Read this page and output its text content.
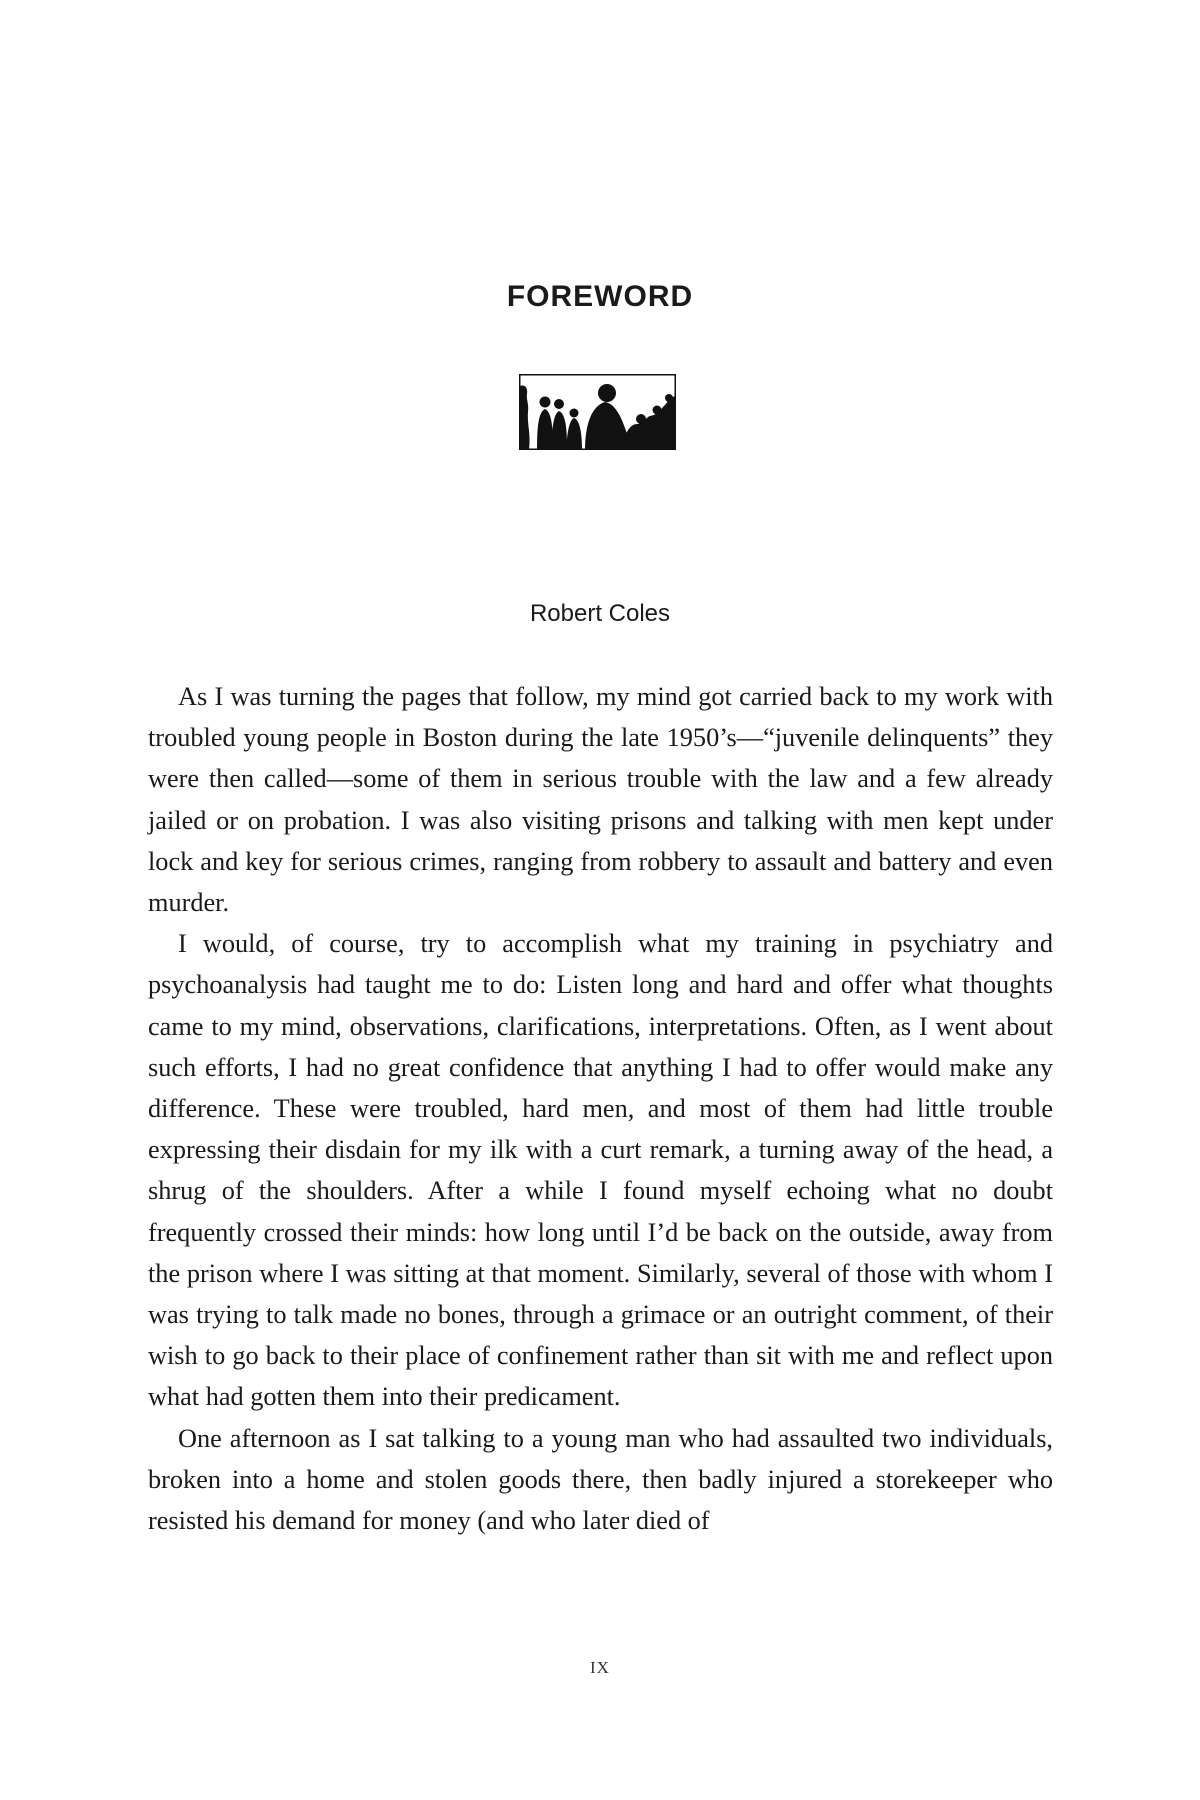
FOREWORD
Robert Coles

As I was turning the pages that follow, my mind got carried back to my work with troubled young people in Boston during the late 1950’s—“juvenile delinquents” they were then called—some of them in serious trouble with the law and a few already jailed or on probation. I was also visiting prisons and talking with men kept under lock and key for serious crimes, ranging from robbery to assault and battery and even murder.

I would, of course, try to accomplish what my training in psychiatry and psychoanalysis had taught me to do: Listen long and hard and offer what thoughts came to my mind, observations, clarifications, interpretations. Often, as I went about such efforts, I had no great confidence that anything I had to offer would make any difference. These were troubled, hard men, and most of them had little trouble expressing their disdain for my ilk with a curt remark, a turning away of the head, a shrug of the shoulders. After a while I found myself echoing what no doubt frequently crossed their minds: how long until I’d be back on the outside, away from the prison where I was sitting at that moment. Similarly, several of those with whom I was trying to talk made no bones, through a grimace or an outright comment, of their wish to go back to their place of confinement rather than sit with me and reflect upon what had gotten them into their predicament.

One afternoon as I sat talking to a young man who had assaulted two individuals, broken into a home and stolen goods there, then badly injured a storekeeper who resisted his demand for money (and who later died of

IX
